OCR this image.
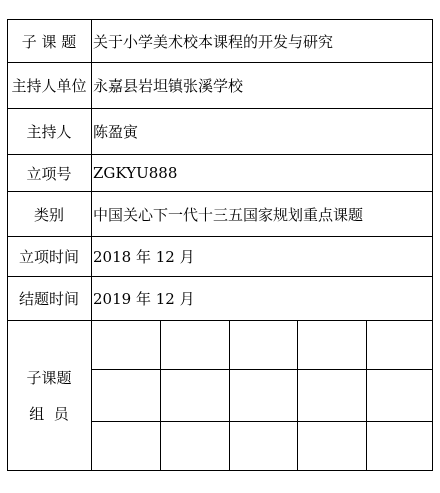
子 课 题	关于小学美术校本课程的开发与研究
主持人单位 永嘉县岩坦镇张溪学校
主持人	陈盈寅
立项号	ZGKYU888
类别	中国关心下一代十三五国家规划重点课题
立项时间 2018 年 12 月
结题时间 2019 年 12 月
子课题
组  员
